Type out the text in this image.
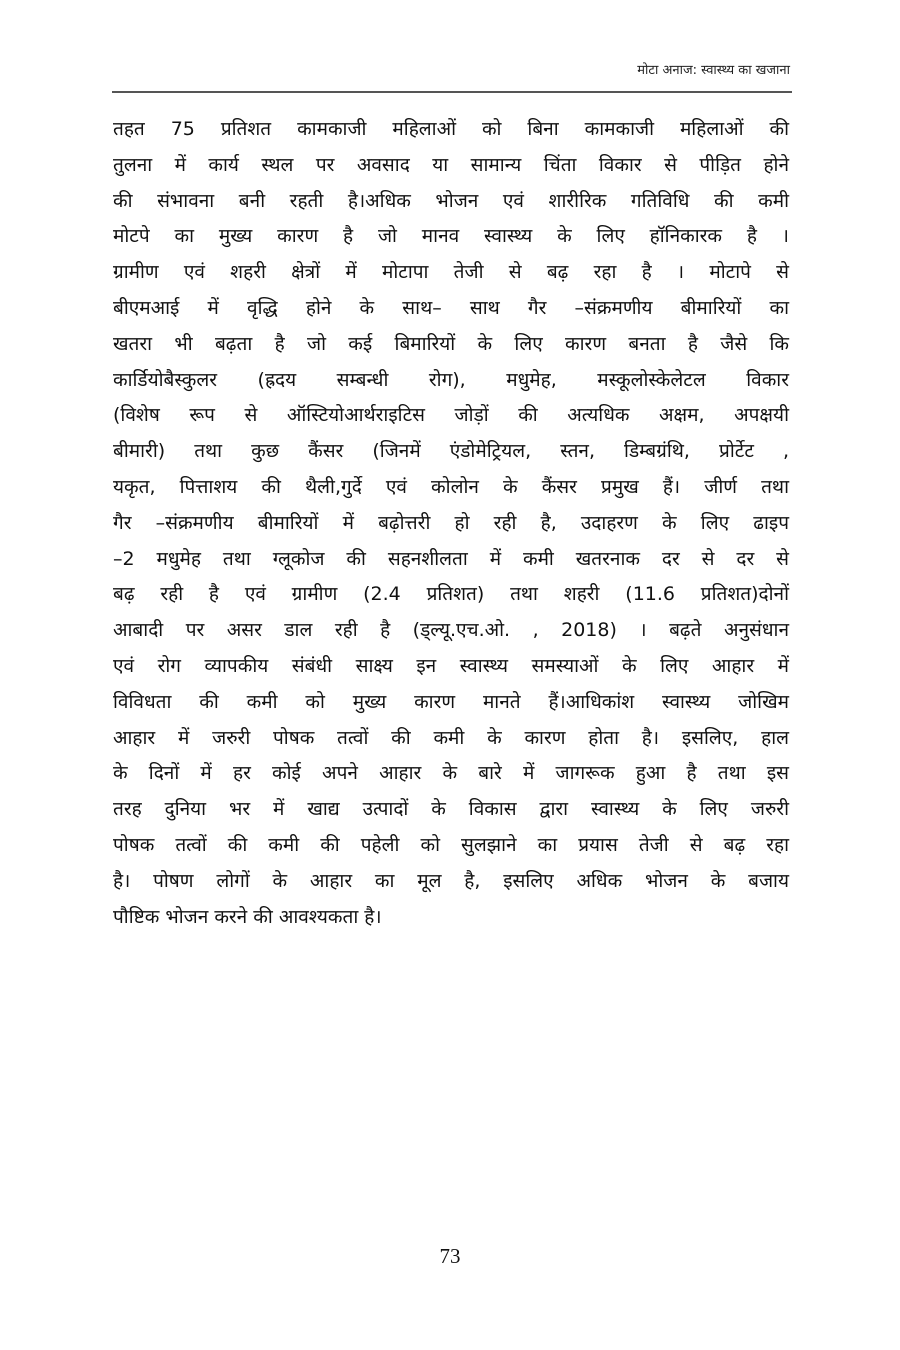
मोटा अनाज: स्वास्थ्य का खजाना
तहत 75 प्रतिशत कामकाजी महिलाओं को बिना कामकाजी महिलाओं की
तुलना में कार्य स्थल पर अवसाद या सामान्य चिंता विकार से पीड़ित होने
की संभावना बनी रहती है।अधिक भोजन एवं शारीरिक गतिविधि की कमी
मोटपे का मुख्य कारण है जो मानव स्वास्थ्य के लिए हॉनिकारक है ।
ग्रामीण एवं शहरी क्षेत्रों में मोटापा तेजी से बढ़ रहा है । मोटापे से
बीएमआई में वृद्धि होने के साथ– साथ गैर –संक्रमणीय बीमारियों का
खतरा भी बढ़ता है जो कई बिमारियों के लिए कारण बनता है जैसे कि
कार्डियोबैस्कुलर (ह्रदय सम्बन्धी रोग), मधुमेह, मस्कूलोस्केलेटल विकार
(विशेष रूप से ऑस्टियोआर्थराइटिस जोड़ों की अत्यधिक अक्षम, अपक्षयी
बीमारी) तथा कुछ कैंसर (जिनमें एंडोमेट्रियल, स्तन, डिम्बग्रंथि, प्रोर्टेट ,
यकृत, पित्ताशय की थैली,गुर्दे एवं कोलोन के कैंसर प्रमुख हैं। जीर्ण तथा
गैर –संक्रमणीय बीमारियों में बढ़ोत्तरी हो रही है, उदाहरण के लिए ढाइप
–2 मधुमेह तथा ग्लूकोज की सहनशीलता में कमी खतरनाक दर से दर से
बढ़ रही है एवं ग्रामीण (2.4 प्रतिशत) तथा शहरी (11.6 प्रतिशत)दोनों
आबादी पर असर डाल रही है (ड्ल्यू.एच.ओ. , 2018) । बढ़ते अनुसंधान
एवं रोग व्यापकीय संबंधी साक्ष्य इन स्वास्थ्य समस्याओं के लिए आहार में
विविधता की कमी को मुख्य कारण मानते हैं।आधिकांश स्वास्थ्य जोखिम
आहार में जरुरी पोषक तत्वों की कमी के कारण होता है। इसलिए, हाल
के दिनों में हर कोई अपने आहार के बारे में जागरूक हुआ है तथा इस
तरह दुनिया भर में खाद्य उत्पादों के विकास द्वारा स्वास्थ्य के लिए जरुरी
पोषक तत्वों की कमी की पहेली को सुलझाने का प्रयास तेजी से बढ़ रहा
है। पोषण लोगों के आहार का मूल है, इसलिए अधिक भोजन के बजाय
पौष्टिक भोजन करने की आवश्यकता है।
73
